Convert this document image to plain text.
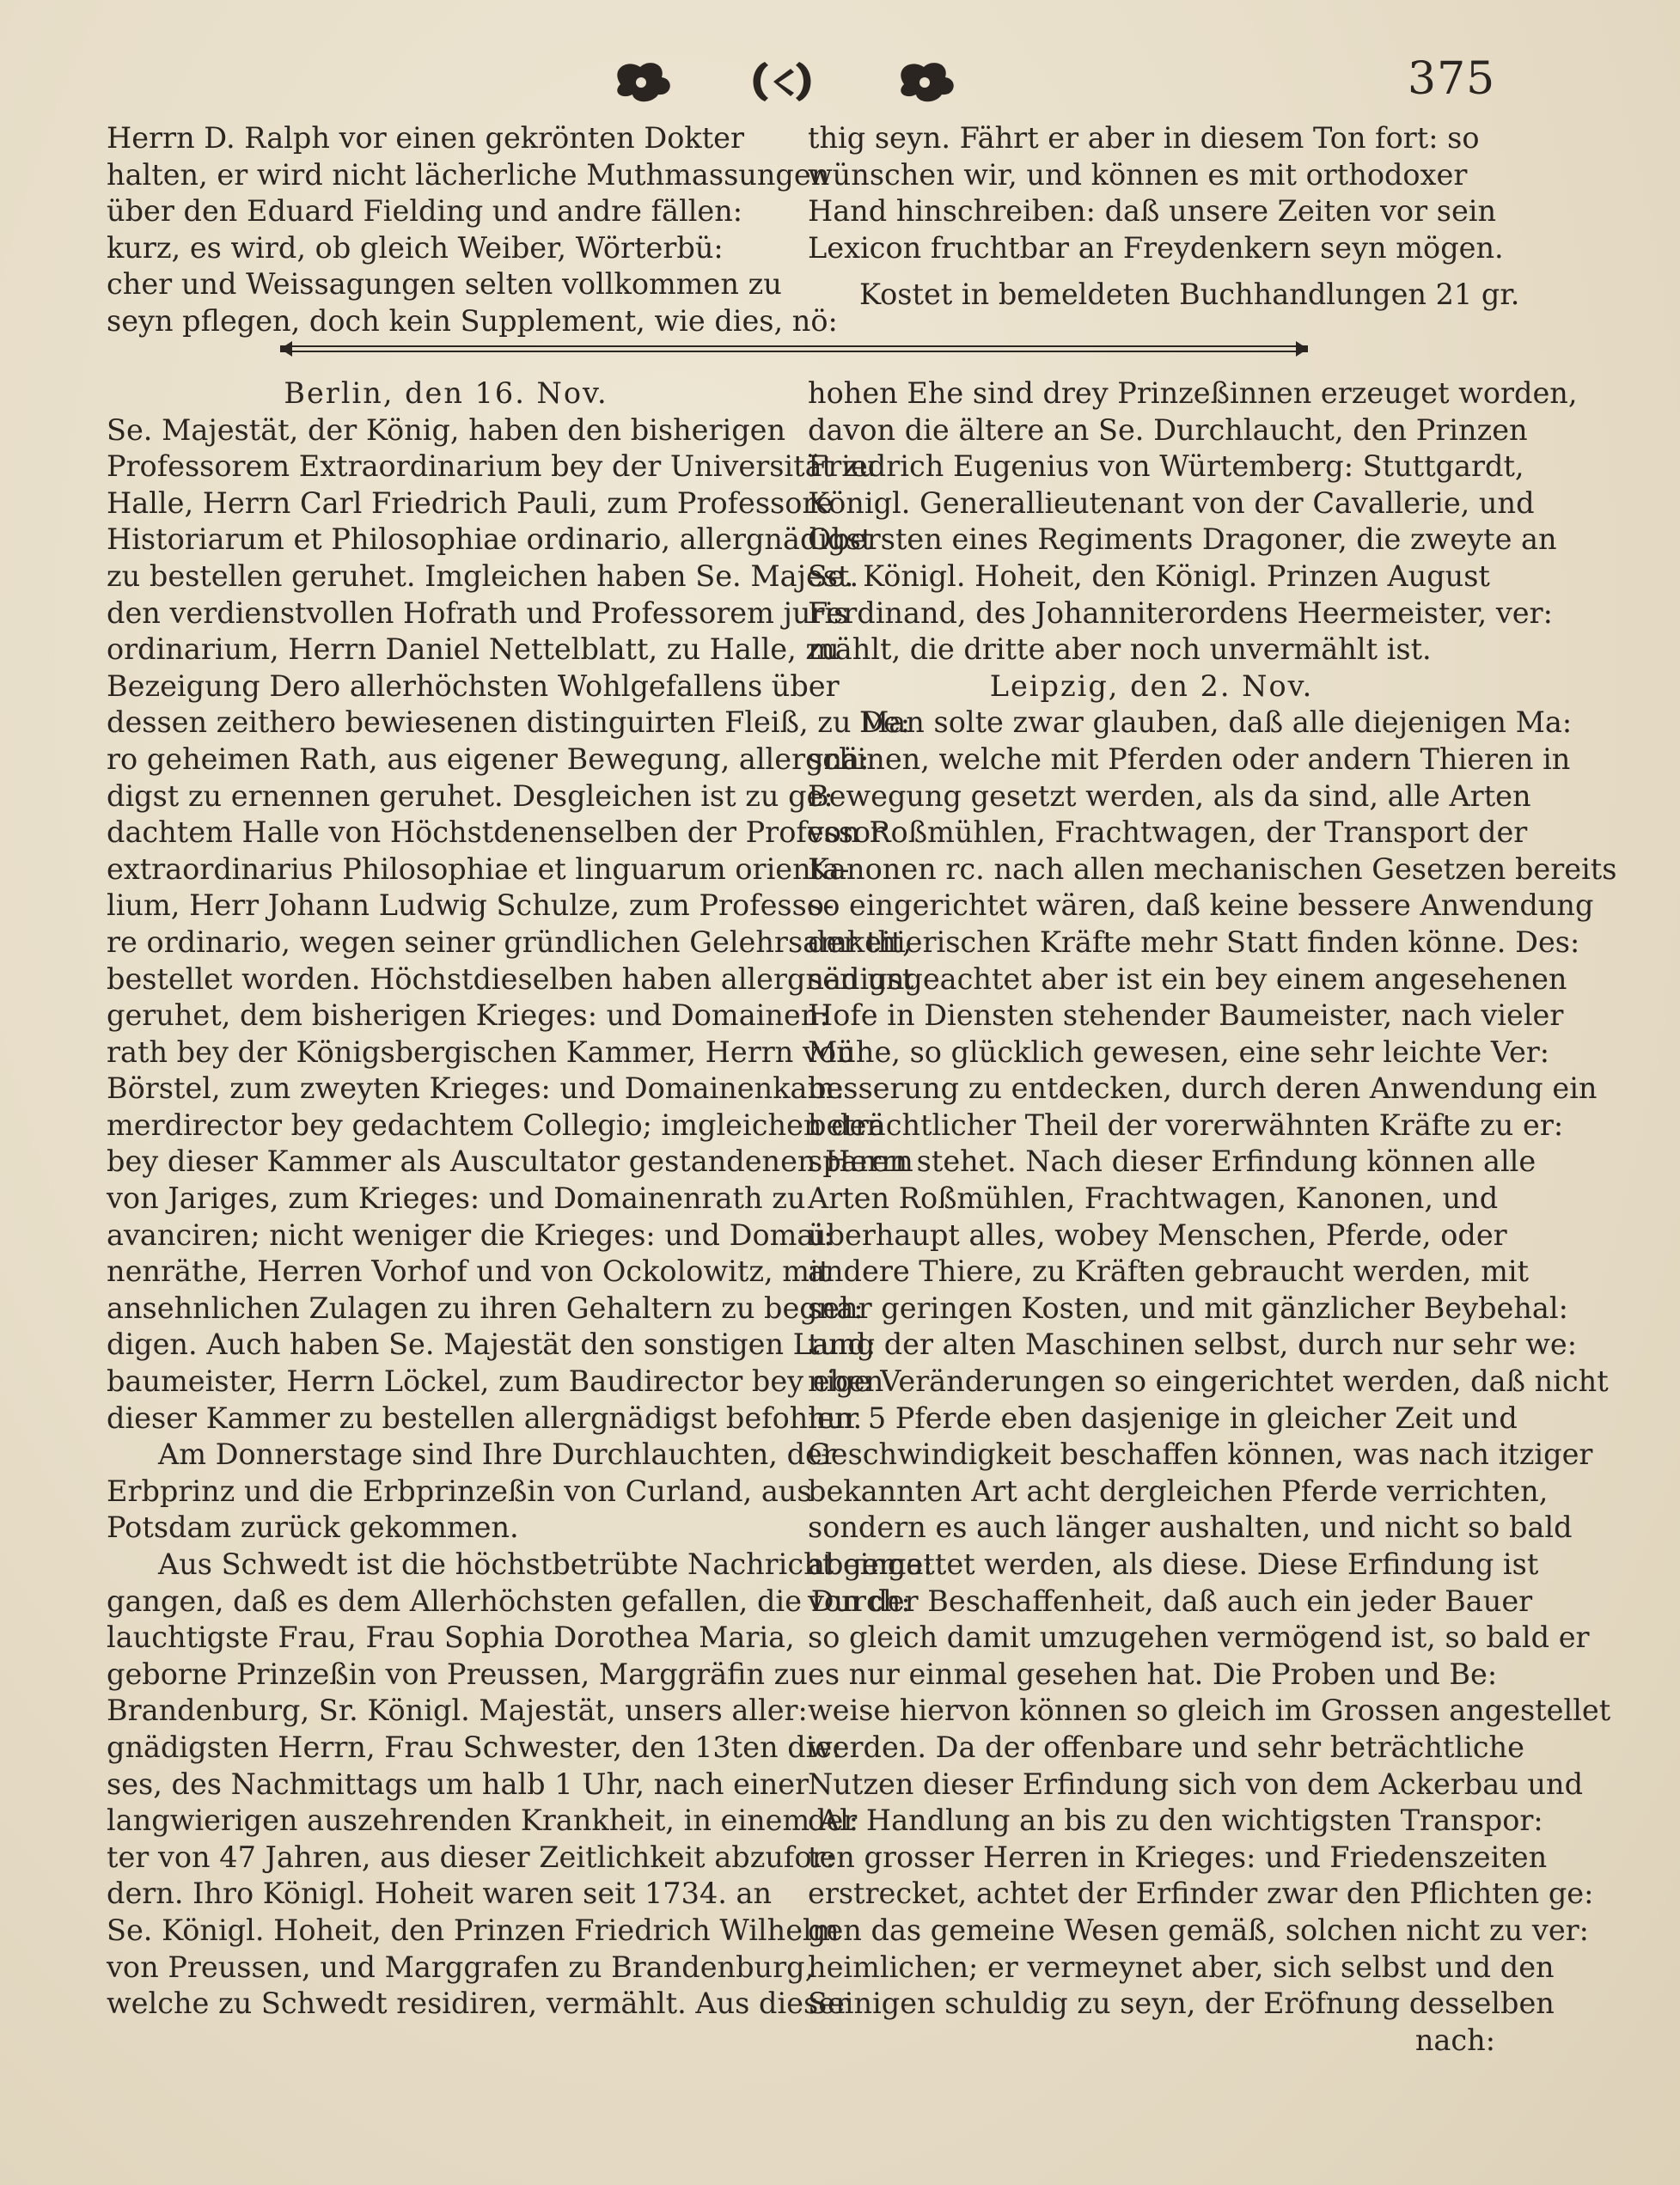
375
Herrn D. Ralph vor einen gekrönten Dokter
halten, er wird nicht lächerliche Muthmassungen
über den Eduard Fielding und andre fällen:
kurz, es wird, ob gleich Weiber, Wörterbü:
cher und Weissagungen selten vollkommen zu
seyn pflegen, doch kein Supplement, wie dies, nö:
thig seyn. Fährt er aber in diesem Ton fort: so
wünschen wir, und können es mit orthodoxer
Hand hinschreiben: daß unsere Zeiten vor sein
Lexicon fruchtbar an Freydenkern seyn mögen.
Kostet in bemeldeten Buchhandlungen 21 gr.
Berlin, den 16. Nov.
Se. Majestät, der König, haben den bisherigen
Professorem Extraordinarium bey der Universität zu
Halle, Herrn Carl Friedrich Pauli, zum Professore
Historiarum et Philosophiae ordinario, allergnädigst
zu bestellen geruhet. Imgleichen haben Se. Majest.
den verdienstvollen Hofrath und Professorem juris
ordinarium, Herrn Daniel Nettelblatt, zu Halle, zu
Bezeigung Dero allerhöchsten Wohlgefallens über
dessen zeithero bewiesenen distinguirten Fleiß, zu De:
ro geheimen Rath, aus eigener Bewegung, allergnä:
digst zu ernennen geruhet. Desgleichen ist zu ge:
dachtem Halle von Höchstdenenselben der Professor
extraordinarius Philosophiae et linguarum orienta-
lium, Herr Johann Ludwig Schulze, zum Professo-
re ordinario, wegen seiner gründlichen Gelehrsamkeit,
bestellet worden. Höchstdieselben haben allergnädigst
geruhet, dem bisherigen Krieges: und Domainen:
rath bey der Königsbergischen Kammer, Herrn von
Börstel, zum zweyten Krieges: und Domainenkam:
merdirector bey gedachtem Collegio; imgleichen den
bey dieser Kammer als Auscultator gestandenen Herrn
von Jariges, zum Krieges: und Domainenrath zu
avanciren; nicht weniger die Krieges: und Domai:
nenräthe, Herren Vorhof und von Ockolowitz, mit
ansehnlichen Zulagen zu ihren Gehaltern zu begna:
digen. Auch haben Se. Majestät den sonstigen Land:
baumeister, Herrn Löckel, zum Baudirector bey eben
dieser Kammer zu bestellen allergnädigst befohlen.
Am Donnerstage sind Ihre Durchlauchten, der
Erbprinz und die Erbprinzeßin von Curland, aus
Potsdam zurück gekommen.
Aus Schwedt ist die höchstbetrübte Nachricht einge:
gangen, daß es dem Allerhöchsten gefallen, die Durch:
lauchtigste Frau, Frau Sophia Dorothea Maria,
geborne Prinzeßin von Preussen, Marggräfin zu
Brandenburg, Sr. Königl. Majestät, unsers aller:
gnädigsten Herrn, Frau Schwester, den 13ten die:
ses, des Nachmittags um halb 1 Uhr, nach einer
langwierigen auszehrenden Krankheit, in einem Al:
ter von 47 Jahren, aus dieser Zeitlichkeit abzufor:
dern. Ihro Königl. Hoheit waren seit 1734. an
Se. Königl. Hoheit, den Prinzen Friedrich Wilhelm
von Preussen, und Marggrafen zu Brandenburg,
welche zu Schwedt residiren, vermählt. Aus dieser
hohen Ehe sind drey Prinzeßinnen erzeuget worden,
davon die ältere an Se. Durchlaucht, den Prinzen
Friedrich Eugenius von Würtemberg: Stuttgardt,
Königl. Generallieutenant von der Cavallerie, und
Obersten eines Regiments Dragoner, die zweyte an
Se. Königl. Hoheit, den Königl. Prinzen August
Ferdinand, des Johanniterordens Heermeister, ver:
mählt, die dritte aber noch unvermählt ist.
Leipzig, den 2. Nov.
Man solte zwar glauben, daß alle diejenigen Ma:
schinen, welche mit Pferden oder andern Thieren in
Bewegung gesetzt werden, als da sind, alle Arten
von Roßmühlen, Frachtwagen, der Transport der
Kanonen rc. nach allen mechanischen Gesetzen bereits
so eingerichtet wären, daß keine bessere Anwendung
der thierischen Kräfte mehr Statt finden könne. Des:
sen ungeachtet aber ist ein bey einem angesehenen
Hofe in Diensten stehender Baumeister, nach vieler
Mühe, so glücklich gewesen, eine sehr leichte Ver:
besserung zu entdecken, durch deren Anwendung ein
beträchtlicher Theil der vorerwähnten Kräfte zu er:
sparen stehet. Nach dieser Erfindung können alle
Arten Roßmühlen, Frachtwagen, Kanonen, und
überhaupt alles, wobey Menschen, Pferde, oder
andere Thiere, zu Kräften gebraucht werden, mit
sehr geringen Kosten, und mit gänzlicher Beybehal:
tung der alten Maschinen selbst, durch nur sehr we:
nige Veränderungen so eingerichtet werden, daß nicht
nur 5 Pferde eben dasjenige in gleicher Zeit und
Geschwindigkeit beschaffen können, was nach itziger
bekannten Art acht dergleichen Pferde verrichten,
sondern es auch länger aushalten, und nicht so bald
abgemattet werden, als diese. Diese Erfindung ist
von der Beschaffenheit, daß auch ein jeder Bauer
so gleich damit umzugehen vermögend ist, so bald er
es nur einmal gesehen hat. Die Proben und Be:
weise hiervon können so gleich im Grossen angestellet
werden. Da der offenbare und sehr beträchtliche
Nutzen dieser Erfindung sich von dem Ackerbau und
der Handlung an bis zu den wichtigsten Transpor:
ten grosser Herren in Krieges: und Friedenszeiten
erstrecket, achtet der Erfinder zwar den Pflichten ge:
gen das gemeine Wesen gemäß, solchen nicht zu ver:
heimlichen; er vermeynet aber, sich selbst und den
Seinigen schuldig zu seyn, der Eröfnung desselben
nach:
